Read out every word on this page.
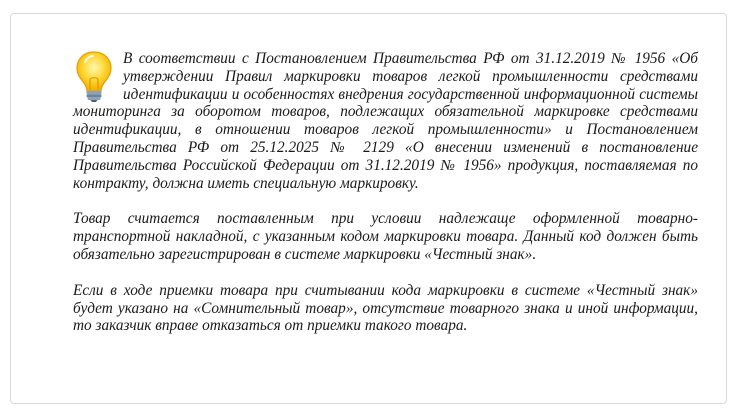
В соответствии с Постановлением Правительства РФ от 31.12.2019 № 1956 «Об утверждении Правил маркировки товаров легкой промышленности средствами идентификации и особенностях внедрения государственной информационной системы мониторинга за оборотом товаров, подлежащих обязательной маркировке средствами идентификации, в отношении товаров легкой промышленности» и Постановлением Правительства РФ от 25.12.2025 № 2129 «О внесении изменений в постановление Правительства Российской Федерации от 31.12.2019 № 1956» продукция, поставляемая по контракту, должна иметь специальную маркировку.

Товар считается поставленным при условии надлежаще оформленной товарно-транспортной накладной, с указанным кодом маркировки товара. Данный код должен быть обязательно зарегистрирован в системе маркировки «Честный знак».

Если в ходе приемки товара при считывании кода маркировки в системе «Честный знак» будет указано на «Сомнительный товар», отсутствие товарного знака и иной информации, то заказчик вправе отказаться от приемки такого товара.
